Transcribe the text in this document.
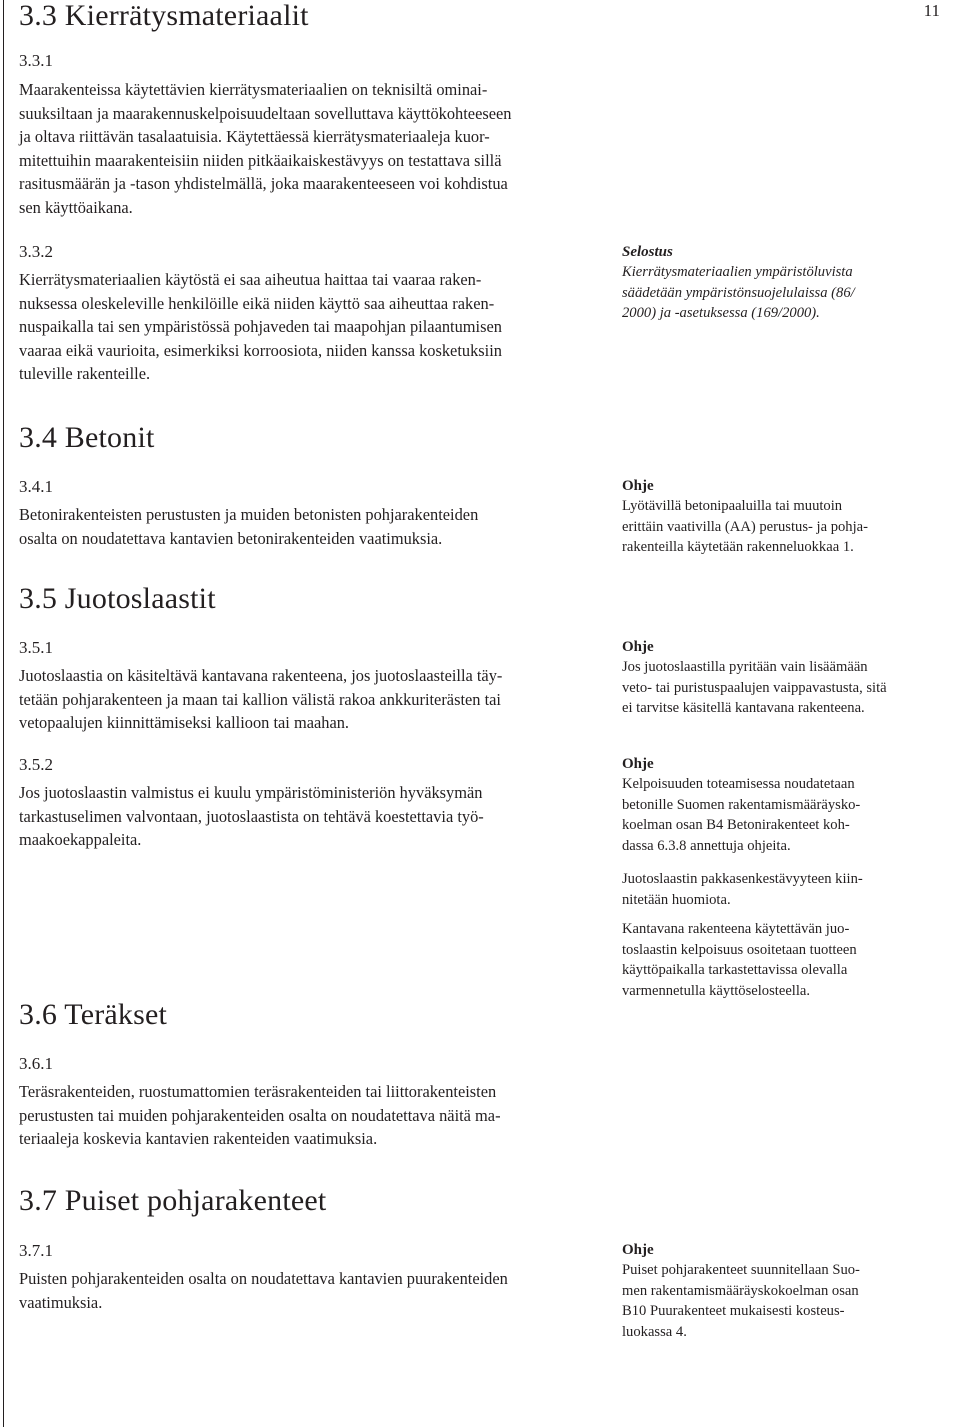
11
3.3 Kierrätysmateriaalit
3.3.1
Maarakenteissa käytettävien kierrätysmateriaalien on teknisiltä ominai-
suuksiltaan ja maarakennuskelpoisuudeltaan sovelluttava käyttökohteeseen
ja oltava riittävän tasalaatuisia. Käytettäessä kierrätysmateriaaleja kuor-
mitettuihin maarakenteisiin niiden pitkäaikaiskestävyys on testattava sillä
rasitusmäärän ja -tason yhdistelmällä, joka maarakenteeseen voi kohdistua
sen käyttöaikana.
3.3.2
Kierrätysmateriaalien käytöstä ei saa aiheutua haittaa tai vaaraa raken-
nuksessa oleskeleville henkilöille eikä niiden käyttö saa aiheuttaa raken-
nuspaikalla tai sen ympäristössä pohjaveden tai maapohjan pilaantumisen
vaaraa eikä vaurioita, esimerkiksi korroosiota, niiden kanssa kosketuksiin
tuleville rakenteille.
Selostus
Kierrätysmateriaalien ympäristöluvista
säädetään ympäristönsuojelulaissa (86/
2000) ja -asetuksessa (169/2000).
3.4 Betonit
3.4.1
Betonirakenteisten perustusten ja muiden betonisten pohjarakenteiden
osalta on noudatettava kantavien betonirakenteiden vaatimuksia.
Ohje
Lyötävillä betonipaaluilla tai muutoin
erittäin vaativilla (AA) perustus- ja pohja-
rakenteilla käytetään rakenneluokkaa 1.
3.5 Juotoslaastit
3.5.1
Juotoslaastia on käsiteltävä kantavana rakenteena, jos juotoslaasteilla täy-
tetään pohjarakenteen ja maan tai kallion välistä rakoa ankkuriterästen tai
vetopaalujen kiinnittämiseksi kallioon tai maahan.
3.5.2
Jos juotoslaastin valmistus ei kuulu ympäristöministeriön hyväksymän
tarkastuselimen valvontaan, juotoslaastista on tehtävä koestettavia työ-
maakoekappaleita.
Ohje
Jos juotoslaastilla pyritään vain lisäämään
veto- tai puristuspaalujen vaippavastusta, sitä
ei tarvitse käsitellä kantavana rakenteena.
Ohje
Kelpoisuuden toteamisessa noudatetaan
betonille Suomen rakentamismääräysko-
koelman osan B4 Betonirakenteet koh-
dassa 6.3.8 annettuja ohjeita.
Juotoslaastin pakkasenkestävyyteen kiin-
nitetään huomiota.
Kantavana rakenteena käytettävän juo-
toslaastin kelpoisuus osoitetaan tuotteen
käyttöpaikalla tarkastettavissa olevalla
varmennetulla käyttöselosteella.
3.6 Teräkset
3.6.1
Teräsrakenteiden, ruostumattomien teräsrakenteiden tai liittorakenteisten
perustusten tai muiden pohjarakenteiden osalta on noudatettava näitä ma-
teriaaleja koskevia kantavien rakenteiden vaatimuksia.
3.7 Puiset pohjarakenteet
3.7.1
Puisten pohjarakenteiden osalta on noudatettava kantavien puurakenteiden
vaatimuksia.
Ohje
Puiset pohjarakenteet suunnitellaan Suo-
men rakentamismääräyskokoelman osan
B10 Puurakenteet mukaisesti kosteus-
luokassa 4.
